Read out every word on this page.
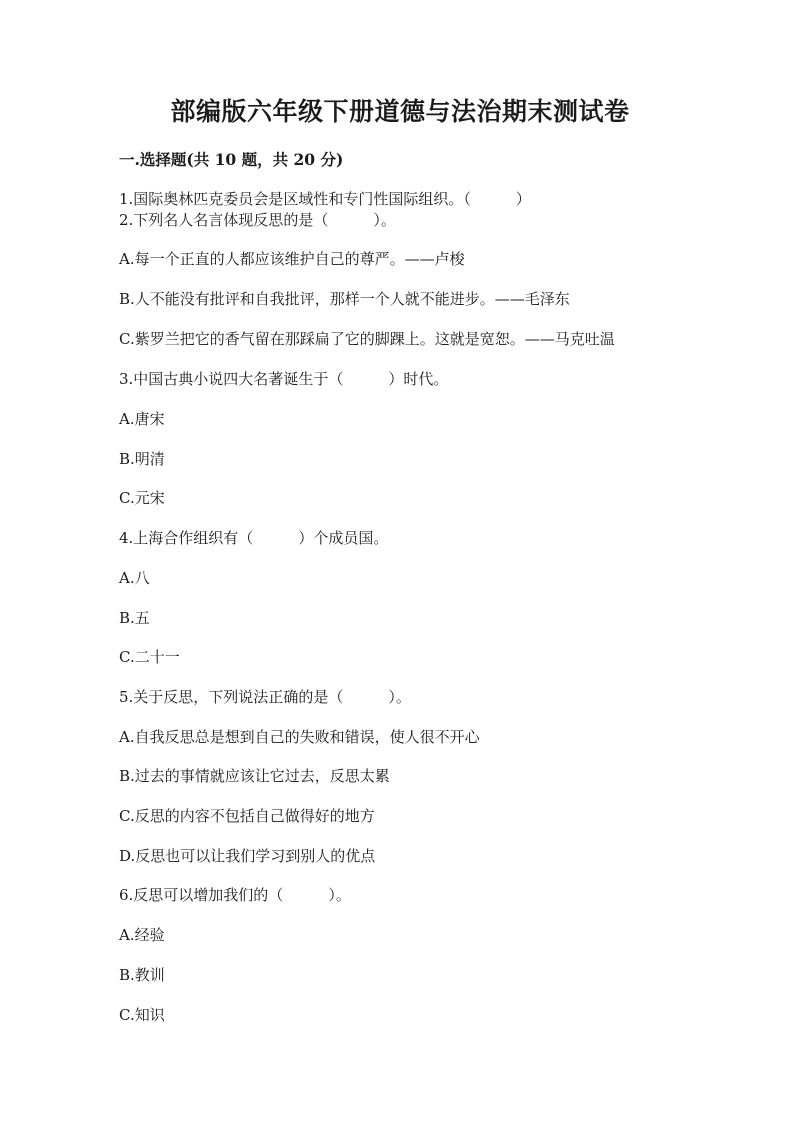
部编版六年级下册道德与法治期末测试卷
一.选择题(共 10 题，共 20 分)
1.国际奥林匹克委员会是区域性和专门性国际组织。（　　　）
2.下列名人名言体现反思的是（　　　）。
A.每一个正直的人都应该维护自己的尊严。——卢梭
B.人不能没有批评和自我批评，那样一个人就不能进步。——毛泽东
C.紫罗兰把它的香气留在那踩扁了它的脚踝上。这就是宽恕。——马克吐温
3.中国古典小说四大名著诞生于（　　　）时代。
A.唐宋
B.明清
C.元宋
4.上海合作组织有（　　　）个成员国。
A.八
B.五
C.二十一
5.关于反思，下列说法正确的是（　　　）。
A.自我反思总是想到自己的失败和错误，使人很不开心
B.过去的事情就应该让它过去，反思太累
C.反思的内容不包括自己做得好的地方
D.反思也可以让我们学习到别人的优点
6.反思可以增加我们的（　　　）。
A.经验
B.教训
C.知识
